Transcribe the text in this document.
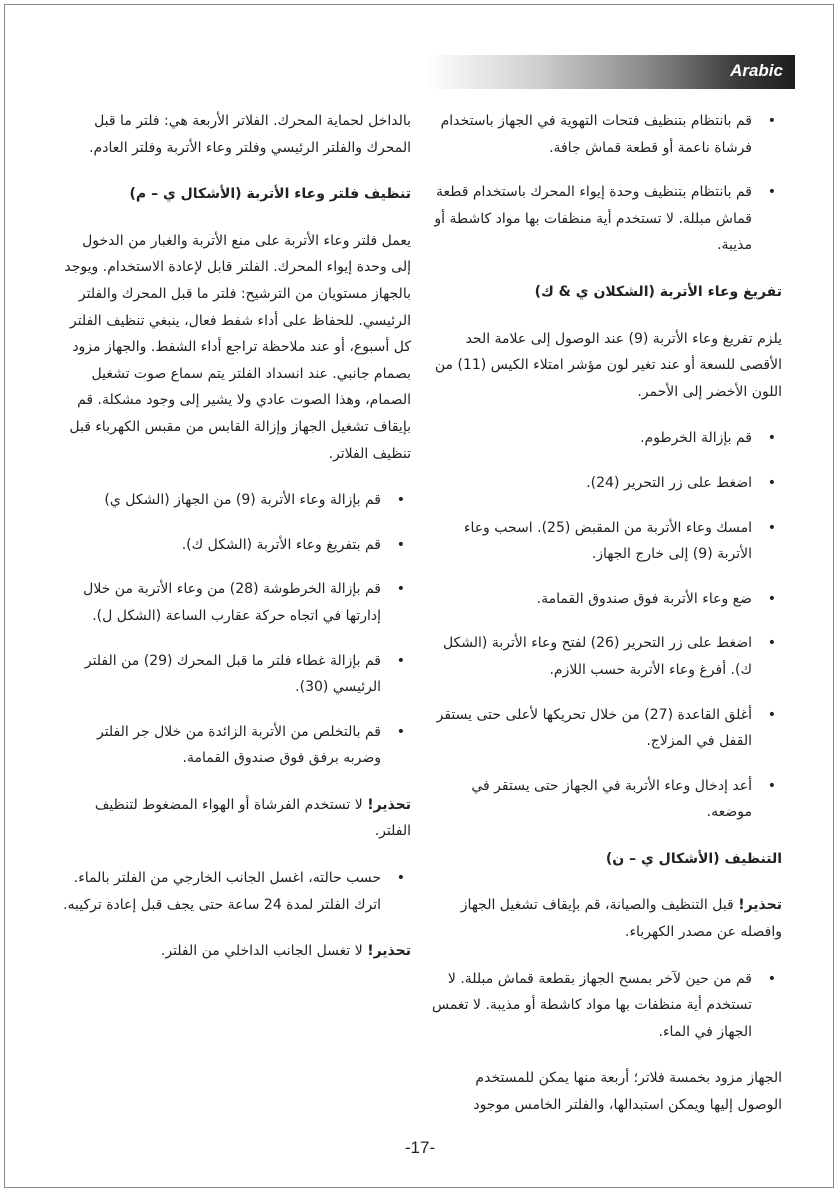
Arabic
•
قم بانتظام بتنظيف فتحات التهوية في الجهاز باستخدام فرشاة ناعمة أو قطعة قماش جافة.
•
قم بانتظام بتنظيف وحدة إيواء المحرك باستخدام قطعة قماش مبللة. لا تستخدم أية منظفات بها مواد كاشطة أو مذيبة.

تفريغ وعاء الأتربة (الشكلان ي & ك)

يلزم تفريغ وعاء الأتربة (9) عند الوصول إلى علامة الحد الأقصى للسعة أو عند تغير لون مؤشر امتلاء الكيس (11) من اللون الأخضر إلى الأحمر.

•
قم بإزالة الخرطوم.
•
اضغط على زر التحرير (24).
•
امسك وعاء الأتربة من المقبض (25). اسحب وعاء الأتربة (9) إلى خارج الجهاز.
•
ضع وعاء الأتربة فوق صندوق القمامة.
•
اضغط على زر التحرير (26) لفتح وعاء الأتربة (الشكل ك). أفرغ وعاء الأتربة حسب اللازم.
•
أغلق القاعدة (27) من خلال تحريكها لأعلى حتى يستقر القفل في المزلاج.
•
أعد إدخال وعاء الأتربة في الجهاز حتى يستقر في موضعه.

التنظيف (الأشكال ي – ن)

تحذير! قبل التنظيف والصيانة، قم بإيقاف تشغيل الجهاز وافصله عن مصدر الكهرباء.

•
قم من حين لآخر بمسح الجهاز بقطعة قماش مبللة. لا تستخدم أية منظفات بها مواد كاشطة أو مذيبة. لا تغمس الجهاز في الماء.

الجهاز مزود بخمسة فلاتر؛ أربعة منها يمكن للمستخدم الوصول إليها ويمكن استبدالها، والفلتر الخامس موجود

بالداخل لحماية المحرك. الفلاتر الأربعة هي: فلتر ما قبل المحرك والفلتر الرئيسي وفلتر وعاء الأتربة وفلتر العادم.

تنظيف فلتر وعاء الأتربة (الأشكال ي – م)

يعمل فلتر وعاء الأتربة على منع الأتربة والغبار من الدخول إلى وحدة إيواء المحرك. الفلتر قابل لإعادة الاستخدام. ويوجد بالجهاز مستويان من الترشيح: فلتر ما قبل المحرك والفلتر الرئيسي. للحفاظ على أداء شفط فعال، ينبغي تنظيف الفلتر كل أسبوع، أو عند ملاحظة تراجع أداء الشفط. والجهاز مزود بصمام جانبي. عند انسداد الفلتر يتم سماع صوت تشغيل الصمام، وهذا الصوت عادي ولا يشير إلى وجود مشكلة. قم بإيقاف تشغيل الجهاز وإزالة القابس من مقبس الكهرباء قبل تنظيف الفلاتر.

•
قم بإزالة وعاء الأتربة (9) من الجهاز (الشكل ي)
•
قم بتفريغ وعاء الأتربة (الشكل ك).
•
قم بإزالة الخرطوشة (28) من وعاء الأتربة من خلال إدارتها في اتجاه حركة عقارب الساعة (الشكل ل).
•
قم بإزالة غطاء فلتر ما قبل المحرك (29) من الفلتر الرئيسي (30).
•
قم بالتخلص من الأتربة الزائدة من خلال جر الفلتر وضربه برفق فوق صندوق القمامة.

تحذير! لا تستخدم الفرشاة أو الهواء المضغوط لتنظيف الفلتر.

•
حسب حالته، اغسل الجانب الخارجي من الفلتر بالماء. اترك الفلتر لمدة 24 ساعة حتى يجف قبل إعادة تركيبه.

تحذير! لا تغسل الجانب الداخلي من الفلتر.

-17-
